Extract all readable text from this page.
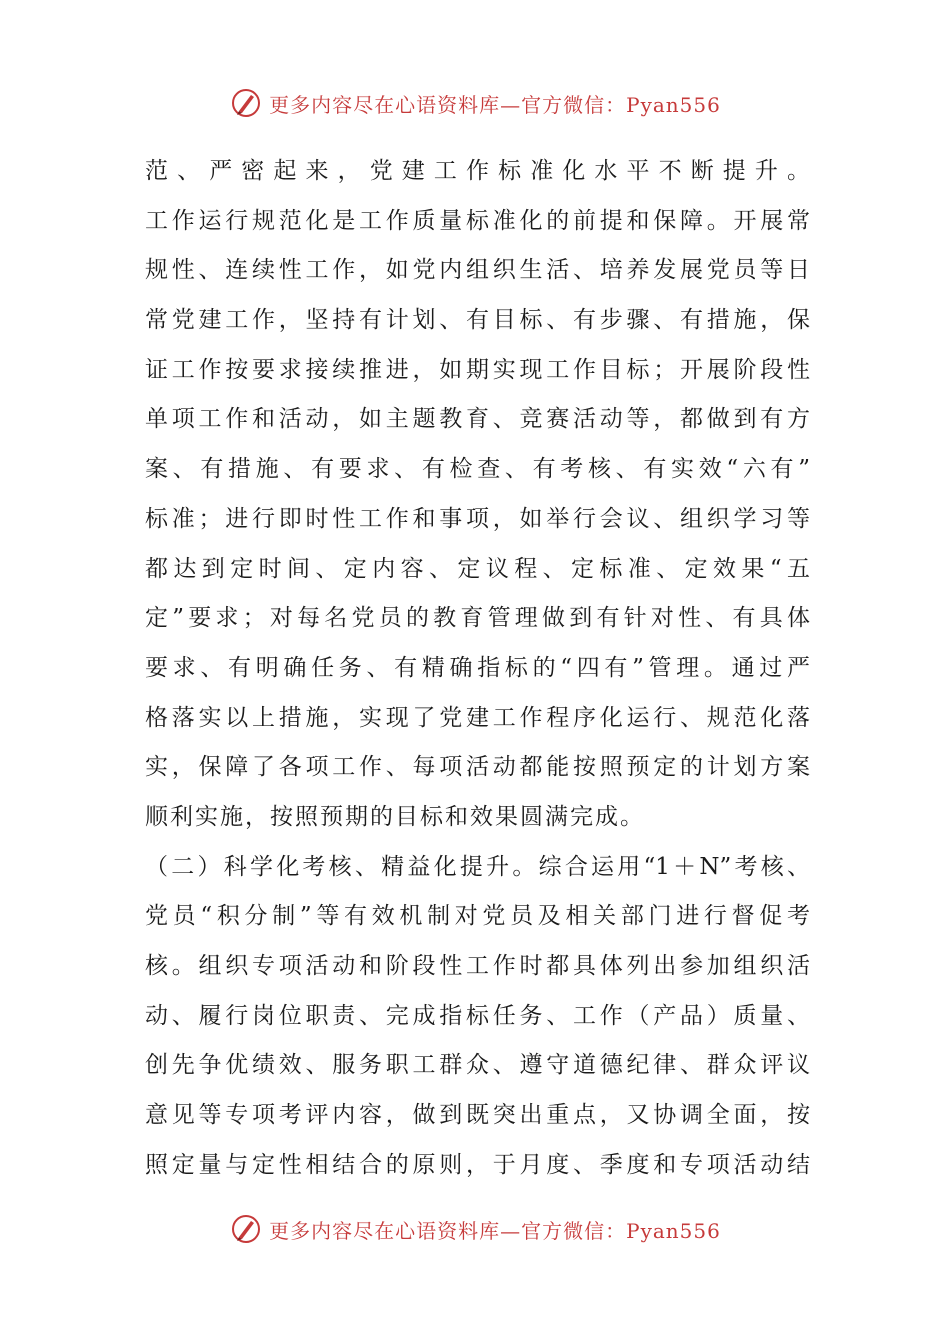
更多内容尽在心语资料库—官方微信：Pyan556
范、严密起来，党建工作标准化水平不断提升。
工作运行规范化是工作质量标准化的前提和保障。开展常
规性、连续性工作，如党内组织生活、培养发展党员等日
常党建工作，坚持有计划、有目标、有步骤、有措施，保
证工作按要求接续推进，如期实现工作目标；开展阶段性
单项工作和活动，如主题教育、竞赛活动等，都做到有方
案、有措施、有要求、有检查、有考核、有实效“六有”
标准；进行即时性工作和事项，如举行会议、组织学习等
都达到定时间、定内容、定议程、定标准、定效果“五
定”要求；对每名党员的教育管理做到有针对性、有具体
要求、有明确任务、有精确指标的“四有”管理。通过严
格落实以上措施，实现了党建工作程序化运行、规范化落
实，保障了各项工作、每项活动都能按照预定的计划方案
顺利实施，按照预期的目标和效果圆满完成。
（二）科学化考核、精益化提升。综合运用“1＋N”考核、
党员“积分制”等有效机制对党员及相关部门进行督促考
核。组织专项活动和阶段性工作时都具体列出参加组织活
动、履行岗位职责、完成指标任务、工作（产品）质量、
创先争优绩效、服务职工群众、遵守道德纪律、群众评议
意见等专项考评内容，做到既突出重点，又协调全面，按
照定量与定性相结合的原则，于月度、季度和专项活动结
更多内容尽在心语资料库—官方微信：Pyan556
